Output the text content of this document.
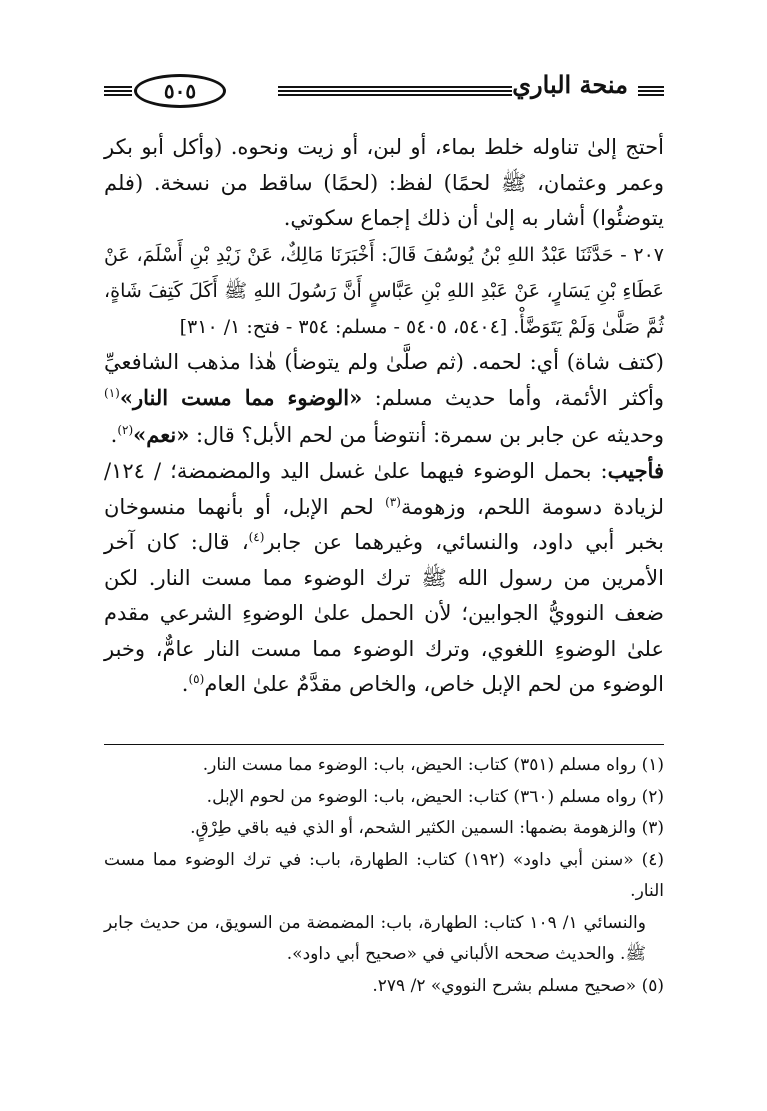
منحة الباري
٥٠٥

أحتج إلىٰ تناوله خلط بماء، أو لبن، أو زيت ونحوه. (وأكل أبو بكر وعمر وعثمان، ﷺ لحمًا) لفظ: (لحمًا) ساقط من نسخة. (فلم يتوضئُوا) أشار به إلىٰ أن ذلك إجماع سكوتي.

٢٠٧ - حَدَّثَنَا عَبْدُ اللهِ بْنُ يُوسُفَ قَالَ: أَخْبَرَنَا مَالِكٌ، عَنْ زَيْدِ بْنِ أَسْلَمَ، عَنْ عَطَاءِ بْنِ يَسَارٍ، عَنْ عَبْدِ اللهِ بْنِ عَبَّاسٍ أَنَّ رَسُولَ اللهِ ﷺ أَكَلَ كَتِفَ شَاةٍ، ثُمَّ صَلَّىٰ وَلَمْ يَتَوَضَّأْ. [٥٤٠٤، ٥٤٠٥ - مسلم: ٣٥٤ - فتح: ١/ ٣١٠]

(كتف شاة) أي: لحمه. (ثم صلَّىٰ ولم يتوضأ) هٰذا مذهب الشافعيِّ وأكثر الأئمة، وأما حديث مسلم: «الوضوء مما مست النار»$^{(١)}$ وحديثه عن جابر بن سمرة: أنتوضأ من لحم الأبل؟ قال: «نعم»$^{(٢)}$.

فأجيب: بحمل الوضوء فيهما علىٰ غسل اليد والمضمضة؛ / ١٢٤/ لزيادة دسومة اللحم، وزهومة$^{(٣)}$ لحم الإبل، أو بأنهما منسوخان بخبر أبي داود، والنسائي، وغيرهما عن جابر$^{(٤)}$، قال: كان آخر الأمرين من رسول الله ﷺ ترك الوضوء مما مست النار. لكن ضعف النوويُّ الجوابين؛ لأن الحمل علىٰ الوضوءِ الشرعي مقدم علىٰ الوضوءِ اللغوي، وترك الوضوء مما مست النار عامٌّ، وخبر الوضوء من لحم الإبل خاص، والخاص مقدَّمٌ علىٰ العام$^{(٥)}$.

(١) رواه مسلم (٣٥١) كتاب: الحيض، باب: الوضوء مما مست النار.

(٢) رواه مسلم (٣٦٠) كتاب: الحيض، باب: الوضوء من لحوم الإبل.

(٣) والزهومة بضمها: السمين الكثير الشحم، أو الذي فيه باقي طِرْقٍ.

(٤) «سنن أبي داود» (١٩٢) كتاب: الطهارة، باب: في ترك الوضوء مما مست النار.

والنسائي ١/ ١٠٩ كتاب: الطهارة، باب: المضمضة من السويق، من حديث جابر ﷺ. والحديث صححه الألباني في «صحيح أبي داود».

(٥) «صحيح مسلم بشرح النووي» ٢/ ٢٧٩.
